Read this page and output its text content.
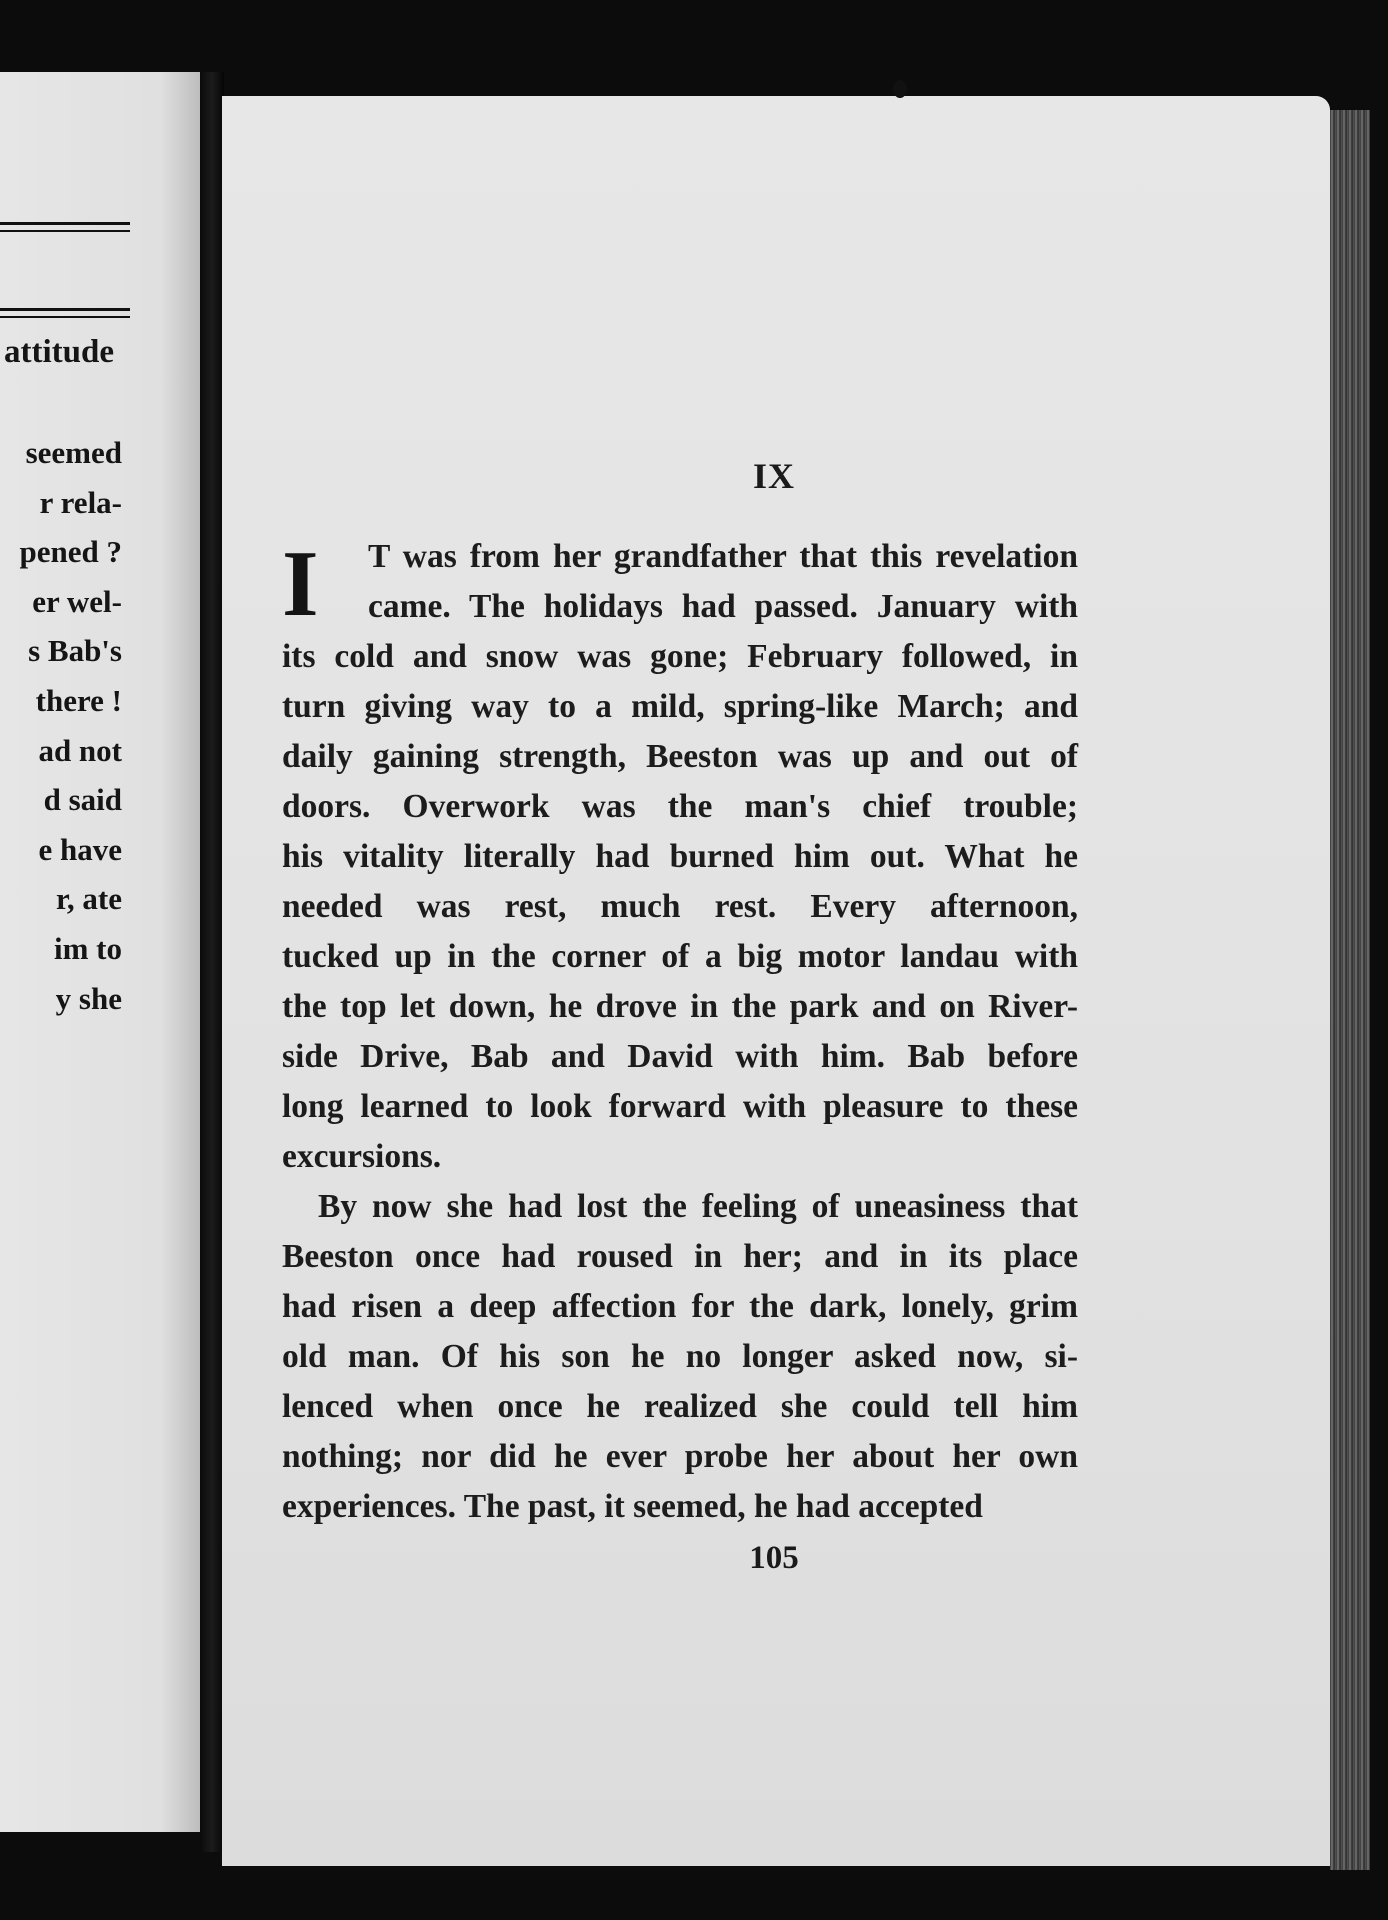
attitude
seemed
r rela-
pened ?
er wel-
s Bab's
there !
ad not
d said
e have
r, ate
im to
y she
IX
I	T was from her grandfather that this revelation
came. The holidays had passed. January with
its cold and snow was gone; February followed, in
turn giving way to a mild, spring-like March; and
daily gaining strength, Beeston was up and out of
doors. Overwork was the man's chief trouble;
his vitality literally had burned him out. What he
needed was rest, much rest. Every afternoon,
tucked up in the corner of a big motor landau with
the top let down, he drove in the park and on River-
side Drive, Bab and David with him. Bab before
long learned to look forward with pleasure to these
excursions.
By now she had lost the feeling of uneasiness that
Beeston once had roused in her; and in its place
had risen a deep affection for the dark, lonely, grim
old man. Of his son he no longer asked now, si-
lenced when once he realized she could tell him
nothing; nor did he ever probe her about her own
experiences. The past, it seemed, he had accepted
105
